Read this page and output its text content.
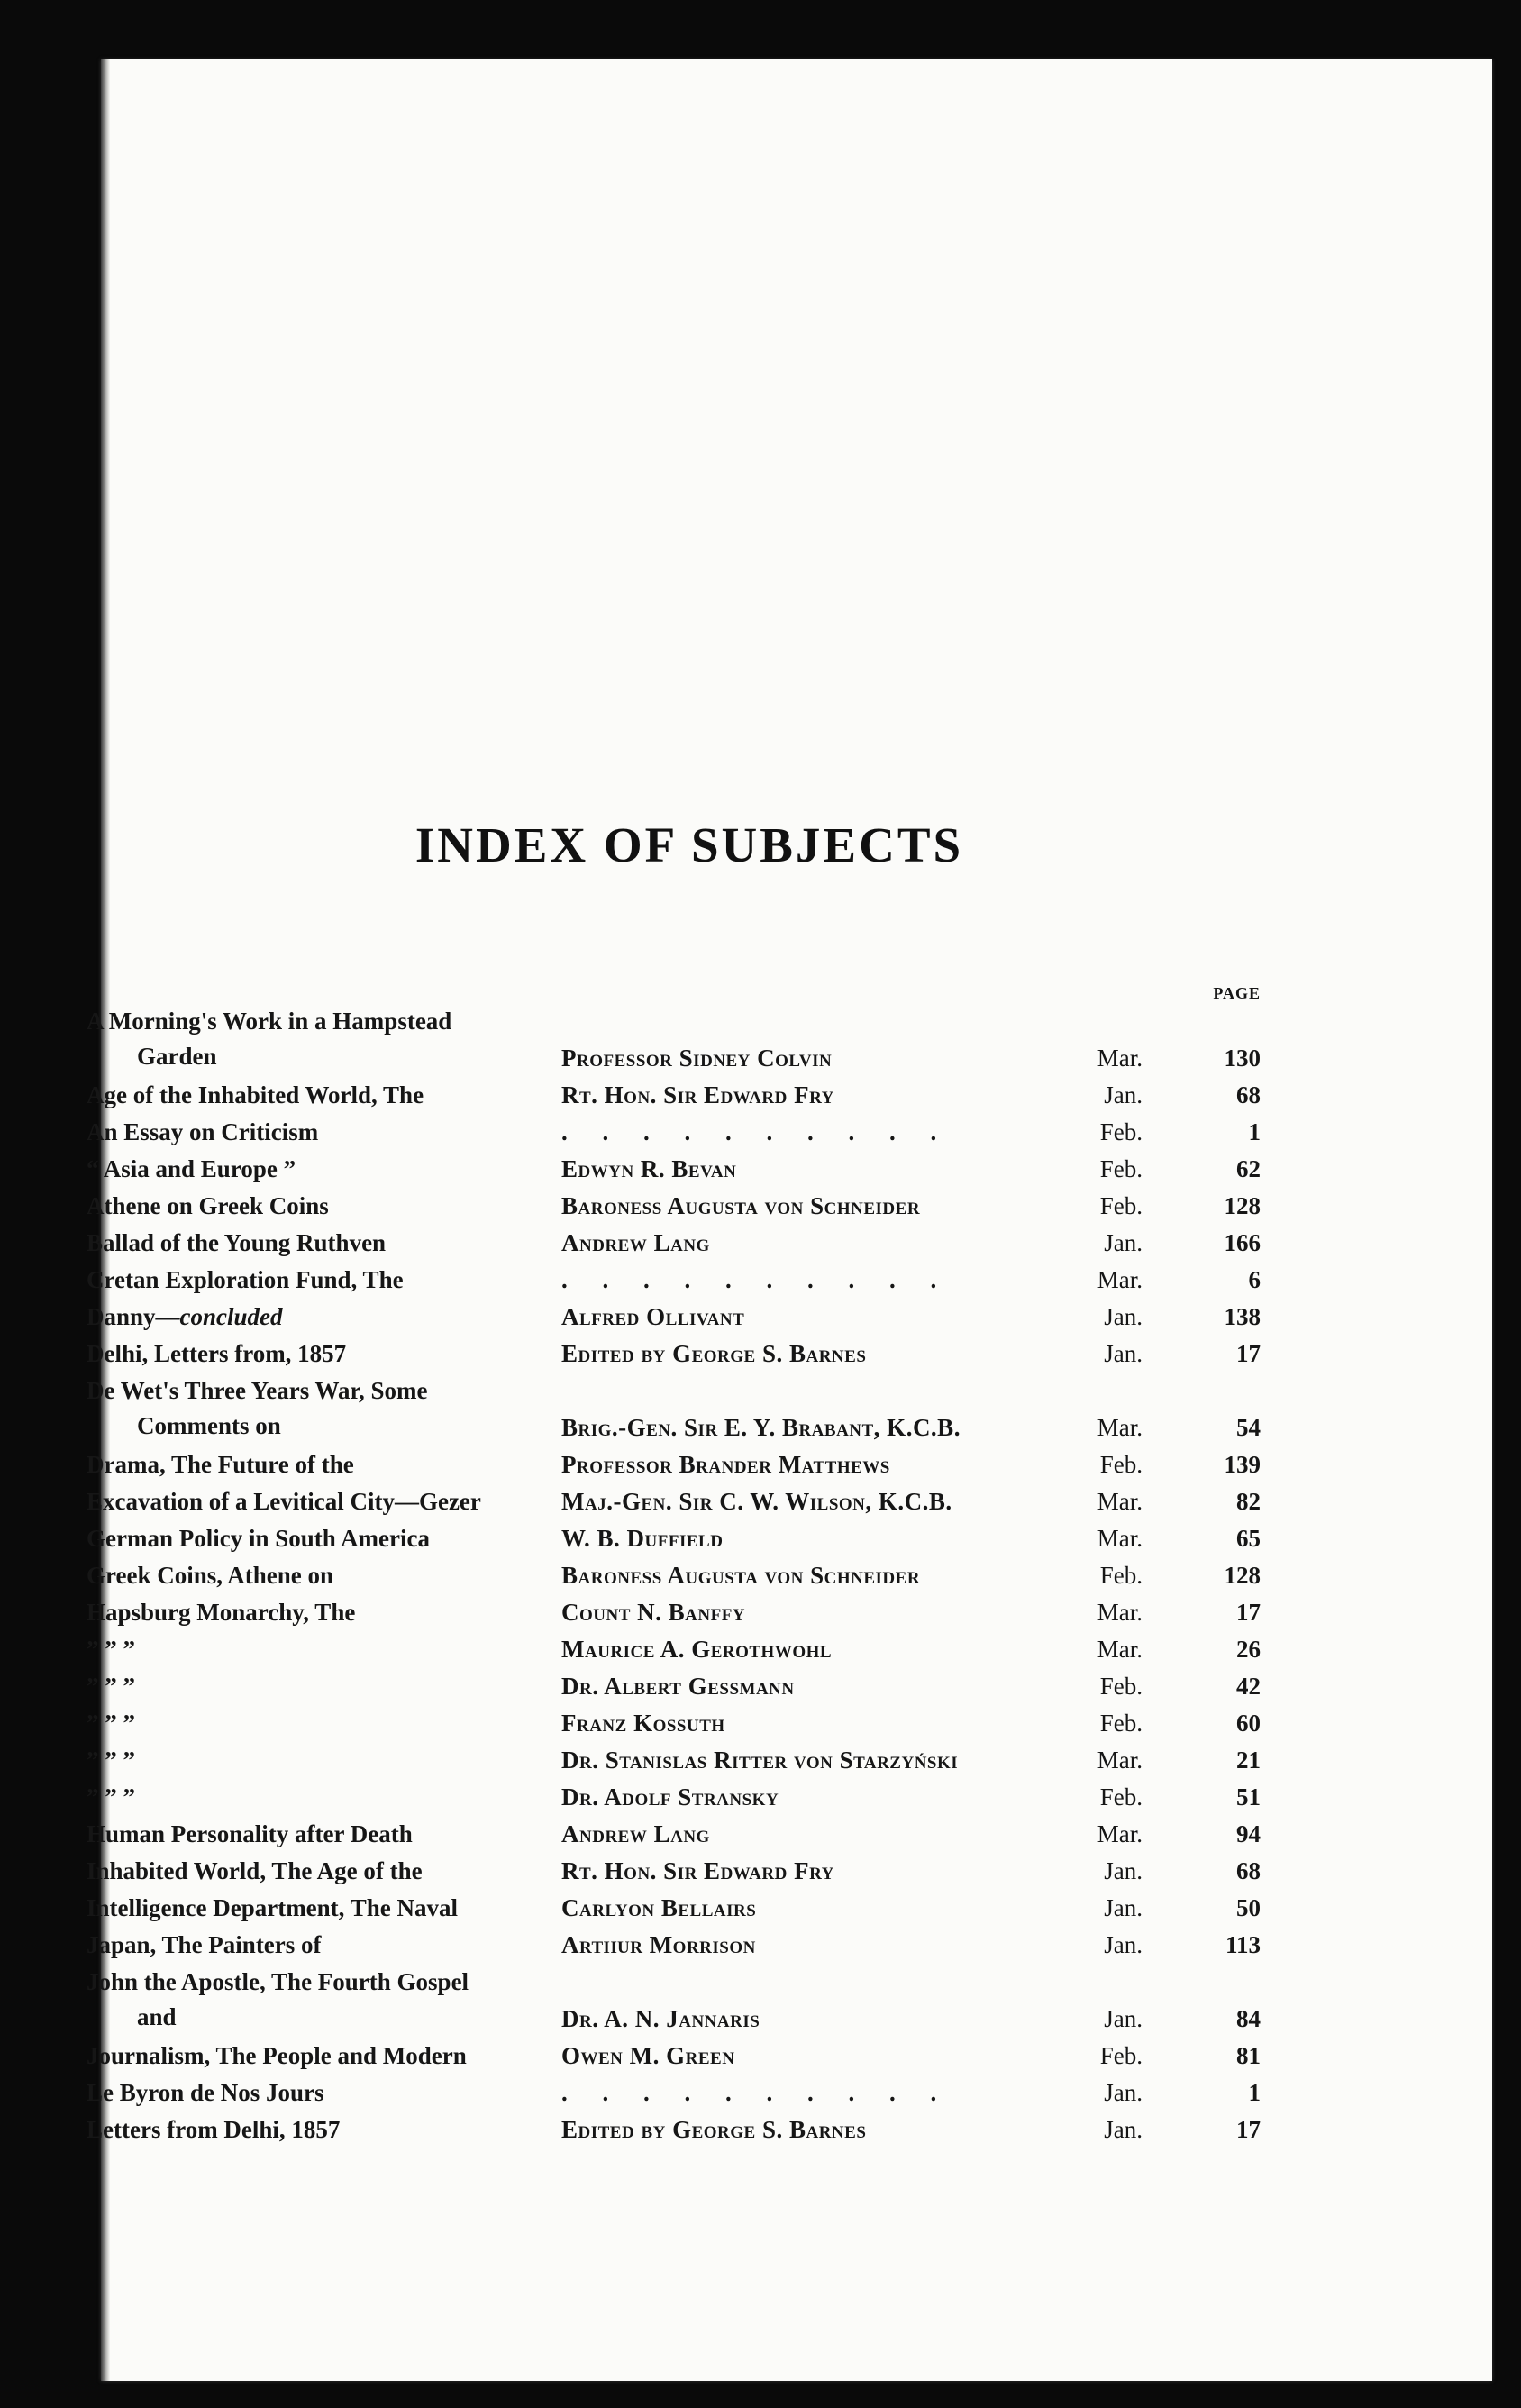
INDEX OF SUBJECTS
PAGE
A Morning's Work in a Hampstead
Garden	Professor Sidney Colvin	Mar.	130
Age of the Inhabited World, The	Rt. Hon. Sir Edward Fry	Jan.	68
An Essay on Criticism	. . . . . . . . . .	Feb.	1
“ Asia and Europe ”	Edwyn R. Bevan	Feb.	62
Athene on Greek Coins	Baroness Augusta von Schneider	Feb.	128
Ballad of the Young Ruthven	Andrew Lang	Jan.	166
Cretan Exploration Fund, The	. . . . . . . . . .	Mar.	6
Danny—concluded	Alfred Ollivant	Jan.	138
Delhi, Letters from, 1857	Edited by George S. Barnes	Jan.	17
De Wet's Three Years War, Some
Comments on	Brig.-Gen. Sir E. Y. Brabant, K.C.B.	Mar.	54
Drama, The Future of the	Professor Brander Matthews	Feb.	139
Excavation of a Levitical City—Gezer	Maj.-Gen. Sir C. W. Wilson, K.C.B.	Mar.	82
German Policy in South America	W. B. Duffield	Mar.	65
Greek Coins, Athene on	Baroness Augusta von Schneider	Feb.	128
Hapsburg Monarchy, The	Count N. Banffy	Mar.	17
” ” ”	Maurice A. Gerothwohl	Mar.	26
” ” ”	Dr. Albert Gessmann	Feb.	42
” ” ”	Franz Kossuth	Feb.	60
” ” ”	Dr. Stanislas Ritter von Starzyński	Mar.	21
” ” ”	Dr. Adolf Stransky	Feb.	51
Human Personality after Death	Andrew Lang	Mar.	94
Inhabited World, The Age of the	Rt. Hon. Sir Edward Fry	Jan.	68
Intelligence Department, The Naval	Carlyon Bellairs	Jan.	50
Japan, The Painters of	Arthur Morrison	Jan.	113
John the Apostle, The Fourth Gospel
and	Dr. A. N. Jannaris	Jan.	84
Journalism, The People and Modern	Owen M. Green	Feb.	81
Le Byron de Nos Jours	. . . . . . . . . .	Jan.	1
Letters from Delhi, 1857	Edited by George S. Barnes	Jan.	17
